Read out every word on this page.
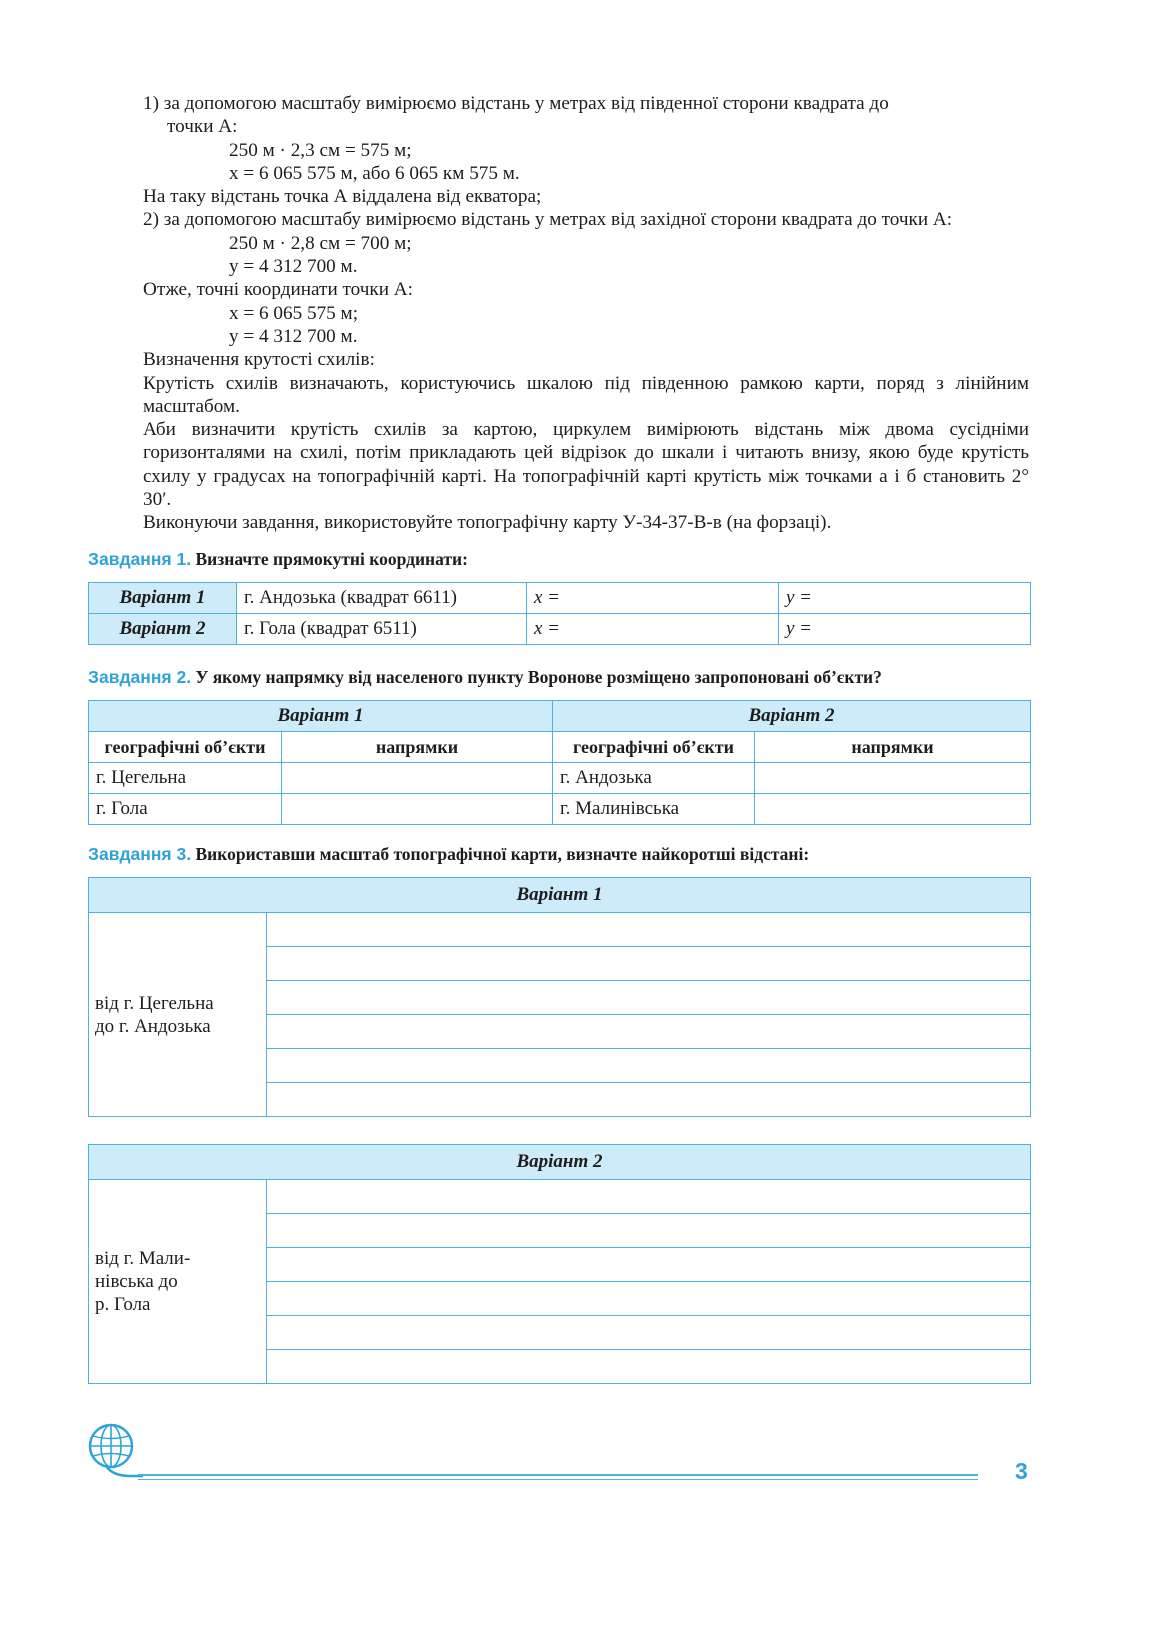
1) за допомогою масштабу вимірюємо відстань у метрах від південної сторони квадрата до

точки А:

250 м · 2,3 см = 575 м;

x = 6 065 575 м, або 6 065 км 575 м.

На таку відстань точка А віддалена від екватора;

2) за допомогою масштабу вимірюємо відстань у метрах від західної сторони квадрата до точки А:

250 м · 2,8 см = 700 м;

y = 4 312 700 м.

Отже, точні координати точки А:

x = 6 065 575 м;

y = 4 312 700 м.

Визначення крутості схилів:

Крутість схилів визначають, користуючись шкалою під південною рамкою карти, поряд з лінійним масштабом.

Аби визначити крутість схилів за картою, циркулем вимірюють відстань між двома сусідніми горизонталями на схилі, потім прикладають цей відрізок до шкали і читають внизу, якою буде крутість схилу у градусах на топографічній карті. На топографічній карті крутість між точками а і б становить 2° 30′.

Виконуючи завдання, використовуйте топографічну карту У-34-37-В-в (на форзаці).

Завдання 1. Визначте прямокутні координати:
Варіант 1	г. Андозька (квадрат 6611)	x =	y =
Варіант 2	г. Гола (квадрат 6511)	x =	y =
Завдання 2. У якому напрямку від населеного пункту Воронове розміщено запропоновані об’єкти?
Варіант 1		Варіант 2	
географічні об’єкти	напрямки	географічні об’єкти	напрямки
г. Цегельна		г. Андозька	
г. Гола		г. Малинівська	
Завдання 3. Використавши масштаб топографічної карти, визначте найкоротші відстані:
Варіант 1

від г. Цегельна
до г. Андозька

Варіант 2

від г. Мали-
нівська до
р. Гола

3
